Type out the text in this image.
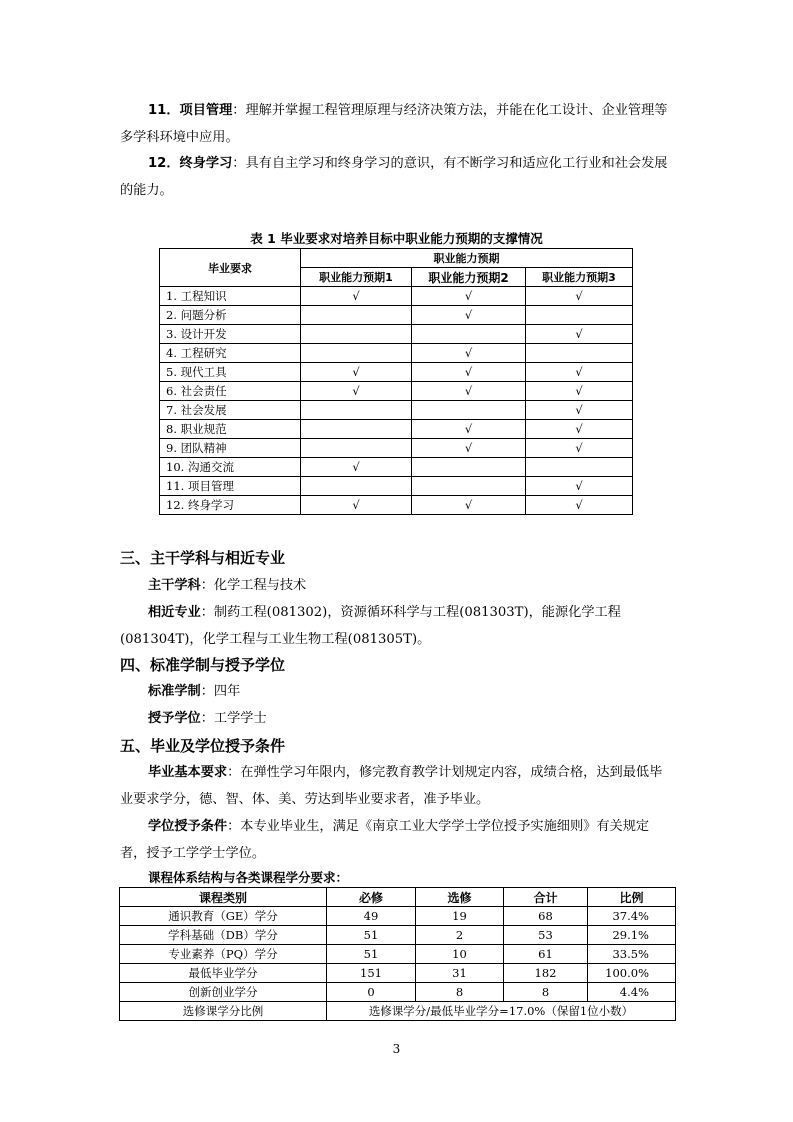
11．项目管理：理解并掌握工程管理原理与经济决策方法，并能在化工设计、企业管理等多学科环境中应用。

12．终身学习：具有自主学习和终身学习的意识，有不断学习和适应化工行业和社会发展的能力。

表 1 毕业要求对培养目标中职业能力预期的支撑情况
毕业要求	职业能力预期		
	职业能力预期1	职业能力预期2	职业能力预期3
1. 工程知识	√	√	√
2. 问题分析		√	
3. 设计开发			√
4. 工程研究		√	
5. 现代工具	√	√	√
6. 社会责任	√	√	√
7. 社会发展			√
8. 职业规范		√	√
9. 团队精神		√	√
10. 沟通交流	√		
11. 项目管理			√
12. 终身学习	√	√	√
三、主干学科与相近专业

主干学科：化学工程与技术

相近专业：制药工程(081302)，资源循环科学与工程(081303T)，能源化学工程(081304T)，化学工程与工业生物工程(081305T)。

四、标准学制与授予学位

标准学制：四年

授予学位：工学学士

五、毕业及学位授予条件

毕业基本要求：在弹性学习年限内，修完教育教学计划规定内容，成绩合格，达到最低毕业要求学分，德、智、体、美、劳达到毕业要求者，准予毕业。

学位授予条件：本专业毕业生，满足《南京工业大学学士学位授予实施细则》有关规定者，授予工学学士学位。

课程体系结构与各类课程学分要求：
课程类别	必修	选修	合计	比例
通识教育（GE）学分	49	19	68	37.4%
学科基础（DB）学分	51	2	53	29.1%
专业素养（PQ）学分	51	10	61	33.5%
最低毕业学分	151	31	182	100.0%
创新创业学分	0	8	8	4.4%
选修课学分比例	选修课学分/最低毕业学分=17.0%（保留1位小数）			
3
